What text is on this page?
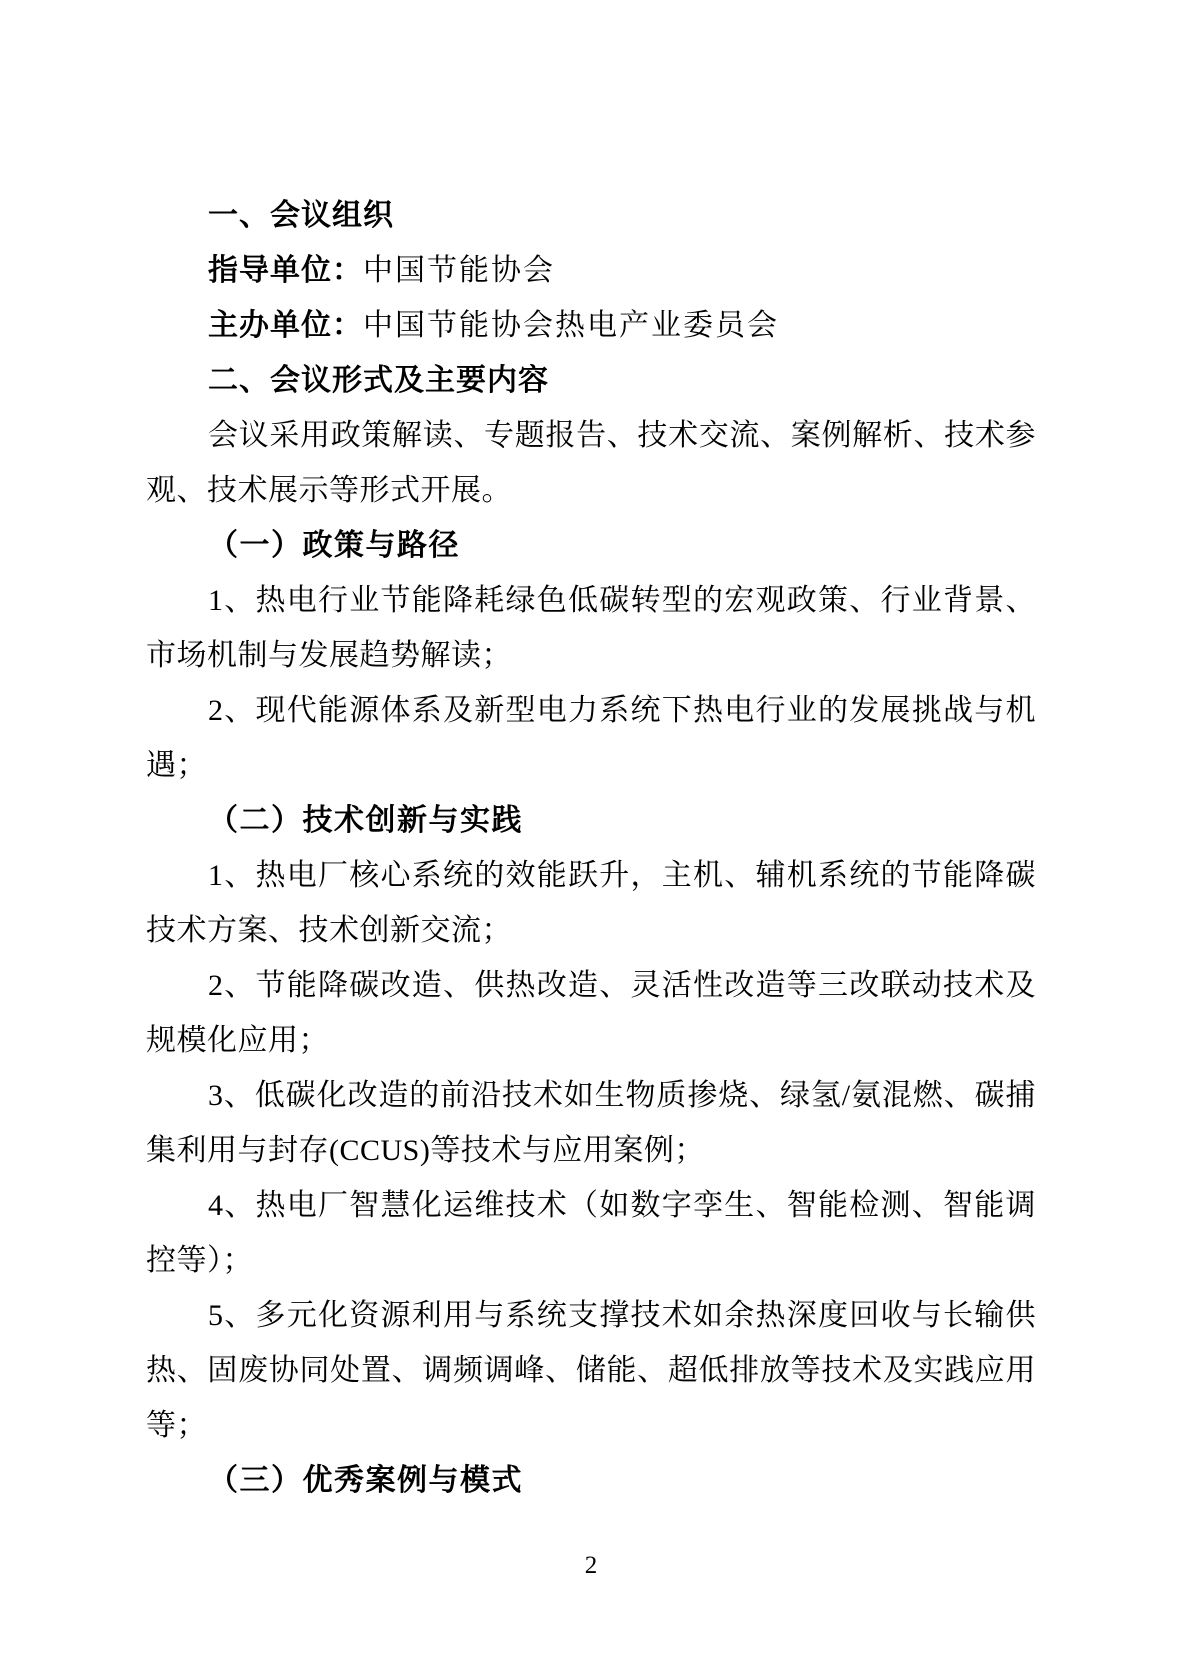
一、会议组织

指导单位：中国节能协会

主办单位：中国节能协会热电产业委员会

二、会议形式及主要内容

会议采用政策解读、专题报告、技术交流、案例解析、技术参观、技术展示等形式开展。

（一）政策与路径

1、热电行业节能降耗绿色低碳转型的宏观政策、行业背景、市场机制与发展趋势解读；

2、现代能源体系及新型电力系统下热电行业的发展挑战与机遇；

（二）技术创新与实践

1、热电厂核心系统的效能跃升，主机、辅机系统的节能降碳技术方案、技术创新交流；

2、节能降碳改造、供热改造、灵活性改造等三改联动技术及规模化应用；

3、低碳化改造的前沿技术如生物质掺烧、绿氢/氨混燃、碳捕集利用与封存(CCUS)等技术与应用案例；

4、热电厂智慧化运维技术（如数字孪生、智能检测、智能调控等）；

5、多元化资源利用与系统支撑技术如余热深度回收与长输供热、固废协同处置、调频调峰、储能、超低排放等技术及实践应用等；

（三）优秀案例与模式

2
